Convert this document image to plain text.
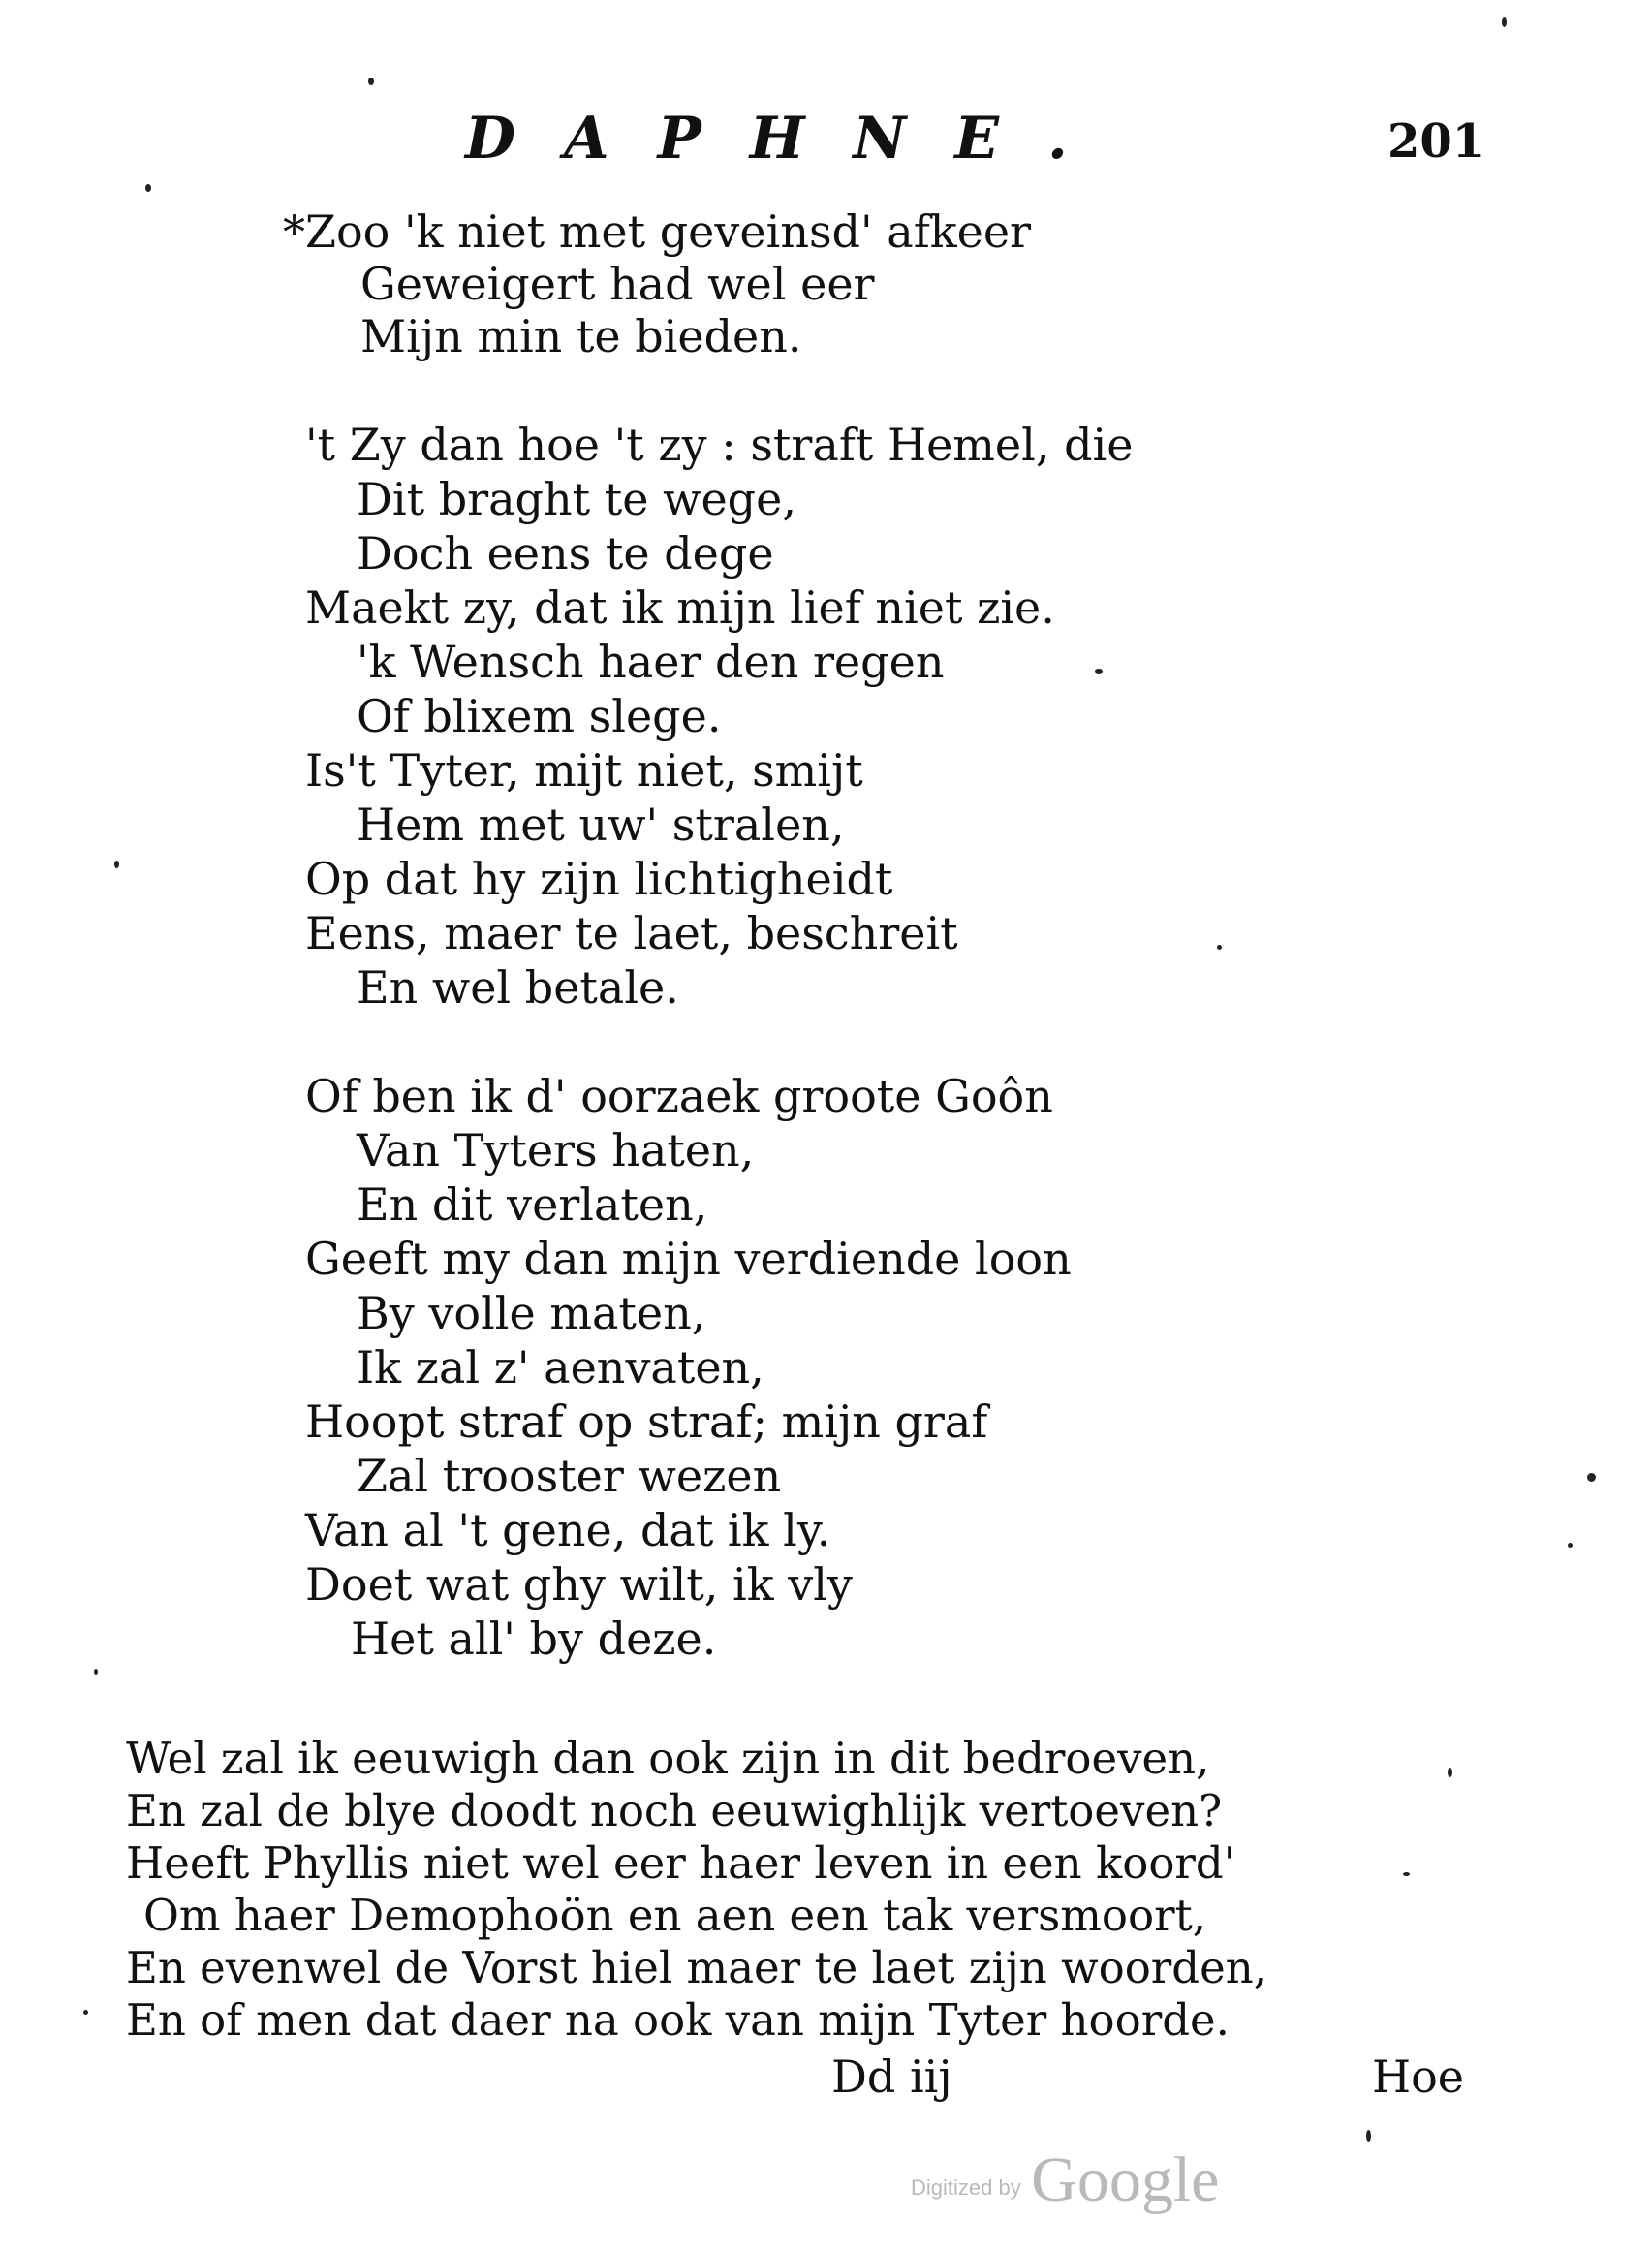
DAPHNE.	201
*Zoo 'k niet met geveinsd' afkeer
Geweigert had wel eer
Mijn min te bieden.
't Zy dan hoe 't zy : straft Hemel, die
Dit braght te wege,
Doch eens te dege
Maekt zy, dat ik mijn lief niet zie.
'k Wensch haer den regen
Of blixem slege.
Is't Tyter, mijt niet, smijt
Hem met uw' stralen,
Op dat hy zijn lichtigheidt
Eens, maer te laet, beschreit
En wel betale.
Of ben ik d' oorzaek groote Goôn
Van Tyters haten,
En dit verlaten,
Geeft my dan mijn verdiende loon
By volle maten,
Ik zal z' aenvaten,
Hoopt straf op straf; mijn graf
Zal trooster wezen
Van al 't gene, dat ik ly.
Doet wat ghy wilt, ik vly
Het all' by deze.
Wel zal ik eeuwigh dan ook zijn in dit bedroeven,
En zal de blye doodt noch eeuwighlijk vertoeven?
Heeft Phyllis niet wel eer haer leven in een koord'
Om haer Demophoön en aen een tak versmoort,
En evenwel de Vorst hiel maer te laet zijn woorden,
En of men dat daer na ook van mijn Tyter hoorde.
Dd iij	Hoe
Digitized by Google
